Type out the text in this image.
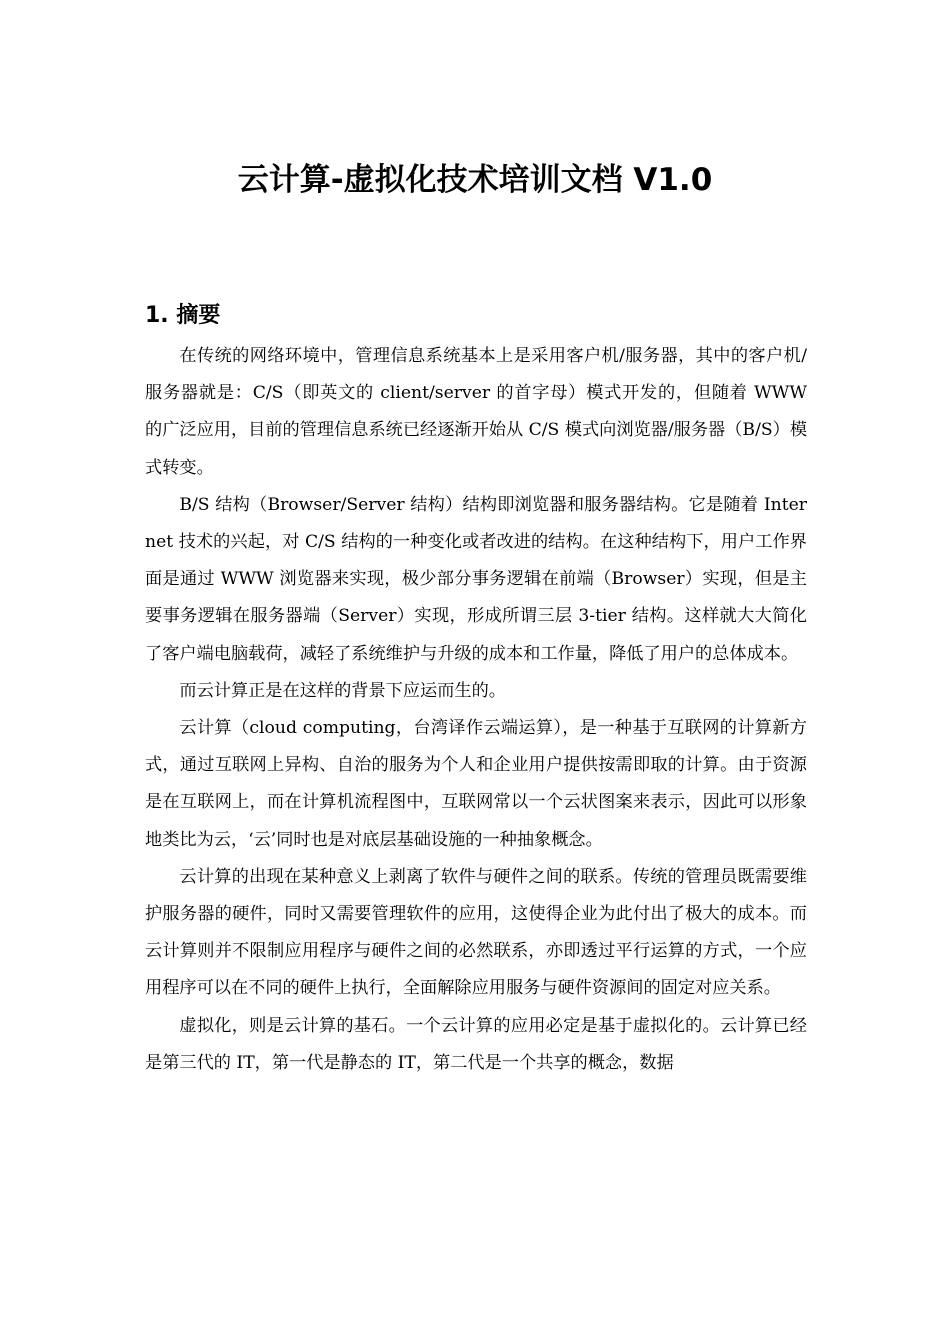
云计算-虚拟化技术培训文档 V1.0
1. 摘要

在传统的网络环境中，管理信息系统基本上是采用客户机/服务器，其中的客户机/服务器就是：C/S（即英文的 client/server 的首字母）模式开发的，但随着 WWW 的广泛应用，目前的管理信息系统已经逐渐开始从 C/S 模式向浏览器/服务器（B/S）模式转变。

B/S 结构（Browser/Server 结构）结构即浏览器和服务器结构。它是随着 Internet 技术的兴起，对 C/S 结构的一种变化或者改进的结构。在这种结构下，用户工作界面是通过 WWW 浏览器来实现，极少部分事务逻辑在前端（Browser）实现，但是主要事务逻辑在服务器端（Server）实现，形成所谓三层 3-tier 结构。这样就大大简化了客户端电脑载荷，减轻了系统维护与升级的成本和工作量，降低了用户的总体成本。

而云计算正是在这样的背景下应运而生的。

云计算（cloud computing，台湾译作云端运算），是一种基于互联网的计算新方式，通过互联网上异构、自治的服务为个人和企业用户提供按需即取的计算。由于资源是在互联网上，而在计算机流程图中，互联网常以一个云状图案来表示，因此可以形象地类比为云，‘云’同时也是对底层基础设施的一种抽象概念。

云计算的出现在某种意义上剥离了软件与硬件之间的联系。传统的管理员既需要维护服务器的硬件，同时又需要管理软件的应用，这使得企业为此付出了极大的成本。而云计算则并不限制应用程序与硬件之间的必然联系，亦即透过平行运算的方式，一个应用程序可以在不同的硬件上执行，全面解除应用服务与硬件资源间的固定对应关系。

虚拟化，则是云计算的基石。一个云计算的应用必定是基于虚拟化的。云计算已经是第三代的 IT，第一代是静态的 IT，第二代是一个共享的概念，数据
